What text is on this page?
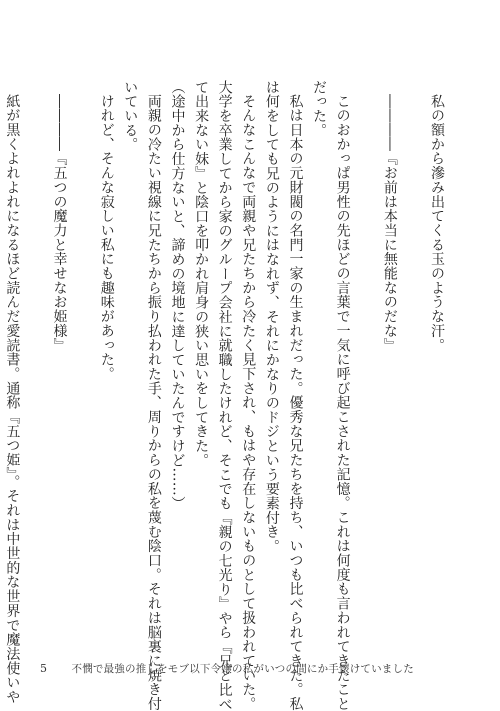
私の額から滲み出てくる玉のような汗。
――――『お前は本当に無能なのだな』
このおかっぱ男性の先ほどの言葉で一気に呼び起こされた記憶。これは何度も言われてきたこと
だった。
私は日本の元財閥の名門一家の生まれだった。優秀な兄たちを持ち、いつも比べられてきた。私
は何をしても兄のようにはなれず、それにかなりのドジという要素付き。
そんなこんなで両親や兄たちから冷たく見下され、もはや存在しないものとして扱われていた。
大学を卒業してから家のグループ会社に就職したけれど、そこでも『親の七光り』やら『兄と比べ
て出来ない妹』と陰口を叩かれ肩身の狭い思いをしてきた。
（途中から仕方ないと、諦めの境地に達していたんですけど……）
両親の冷たい視線に兄たちから振り払われた手、周りからの私を蔑む陰口。それは脳裏に焼き付
いている。
けれど、そんな寂しい私にも趣味があった。
――――『五つの魔力と幸せなお姫様』
紙が黒くよれよれになるほど読んだ愛読書。通称『五つ姫』。それは中世的な世界で魔法使いや 5 不憫で最強の推しをモブ以下令嬢の私がいつの間にか手懐けていました
